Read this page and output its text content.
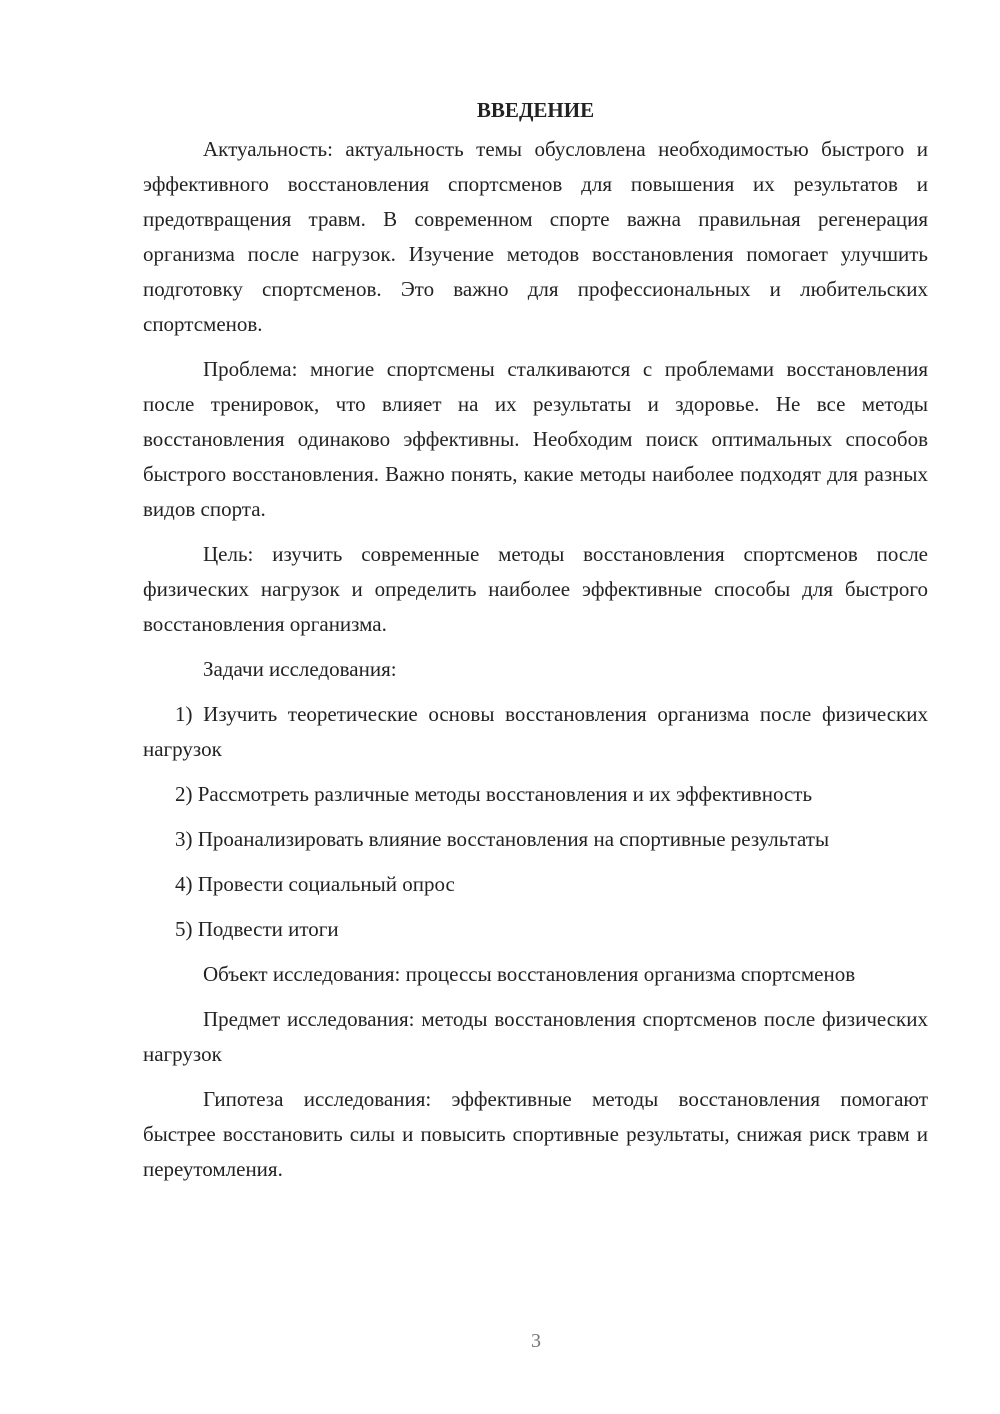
ВВЕДЕНИЕ

Актуальность: актуальность темы обусловлена необходимостью быстрого и эффективного восстановления спортсменов для повышения их результатов и предотвращения травм. В современном спорте важна правильная регенерация организма после нагрузок. Изучение методов восстановления помогает улучшить подготовку спортсменов. Это важно для профессиональных и любительских спортсменов.

Проблема: многие спортсмены сталкиваются с проблемами восстановления после тренировок, что влияет на их результаты и здоровье. Не все методы восстановления одинаково эффективны. Необходим поиск оптимальных способов быстрого восстановления. Важно понять, какие методы наиболее подходят для разных видов спорта.

Цель: изучить современные методы восстановления спортсменов после физических нагрузок и определить наиболее эффективные способы для быстрого восстановления организма.

Задачи исследования:

1) Изучить теоретические основы восстановления организма после физических нагрузок

2) Рассмотреть различные методы восстановления и их эффективность

3) Проанализировать влияние восстановления на спортивные результаты

4) Провести социальный опрос

5) Подвести итоги

Объект исследования: процессы восстановления организма спортсменов

Предмет исследования: методы восстановления спортсменов после физических нагрузок

Гипотеза исследования: эффективные методы восстановления помогают быстрее восстановить силы и повысить спортивные результаты, снижая риск травм и переутомления.

3
